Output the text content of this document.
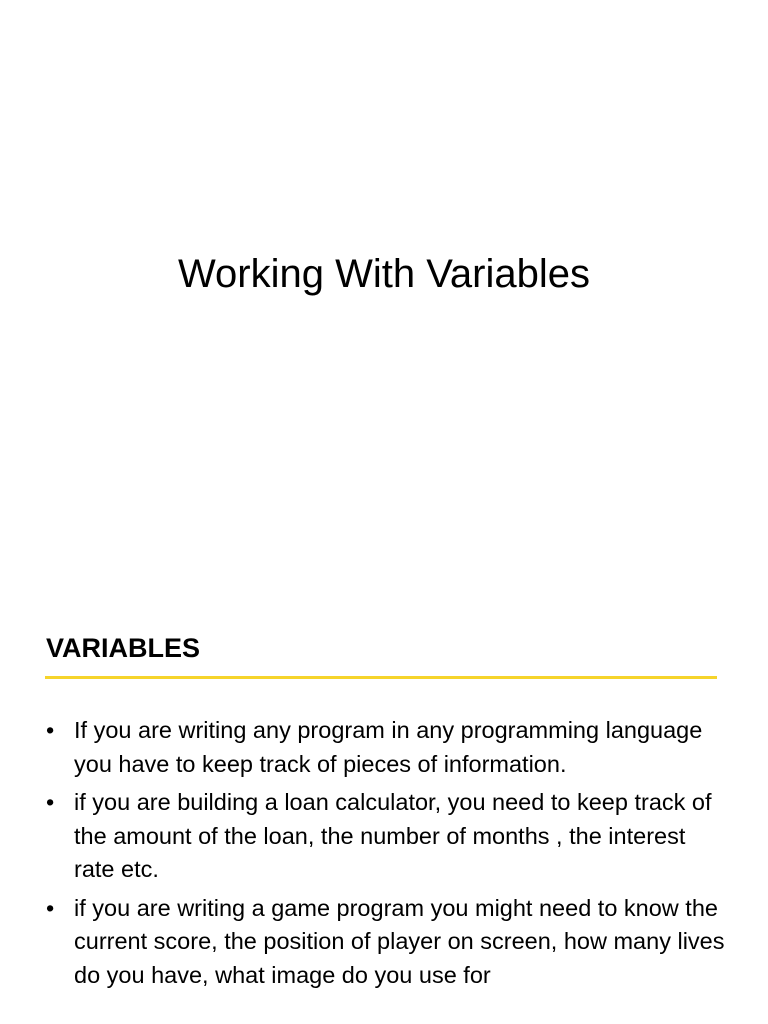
Working With Variables
VARIABLES
• If you are writing any program in any programming language you have to keep track of pieces of information.
• if you are building a loan calculator, you need to keep track of the amount of the loan, the number of months , the interest rate etc.
• if you are writing a game program you might need to know the current score, the position of player on screen, how many lives do you have, what image do you use for
